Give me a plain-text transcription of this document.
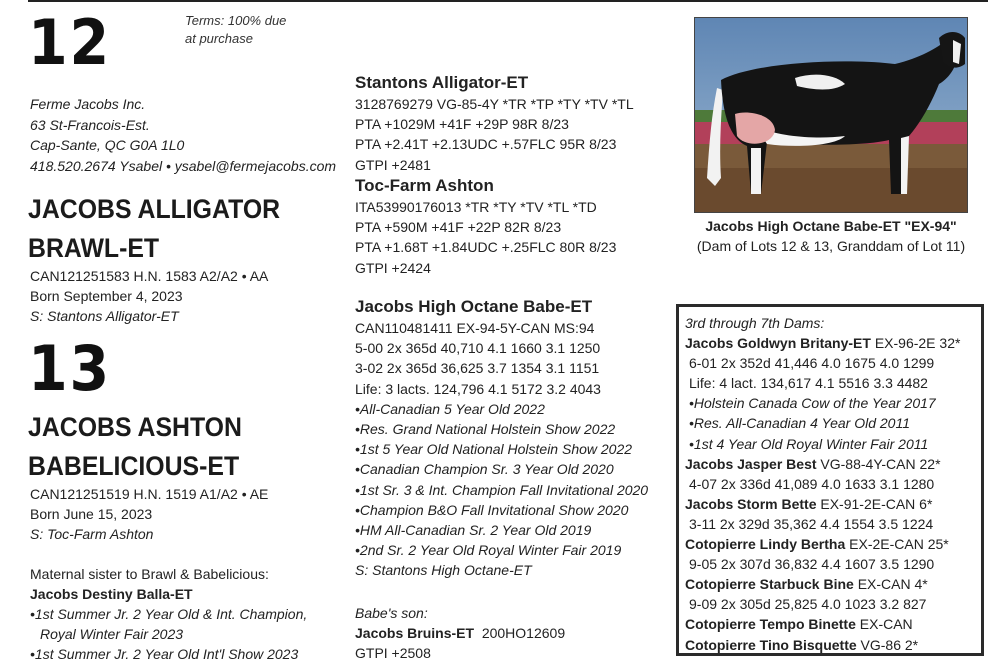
12	Terms: 100% due
at purchase
Ferme Jacobs Inc.
63 St-Francois-Est.
Cap-Sante, QC G0A 1L0
418.520.2674 Ysabel • ysabel@fermejacobs.com
JACOBS ALLIGATOR
BRAWL-ET
CAN121251583 H.N. 1583 A2/A2 • AA
Born September 4, 2023
S: Stantons Alligator-ET
13
JACOBS ASHTON
BABELICIOUS-ET
CAN121251519 H.N. 1519 A1/A2 • AE
Born June 15, 2023
S: Toc-Farm Ashton
Maternal sister to Brawl & Babelicious:
Jacobs Destiny Balla-ET
•1st Summer Jr. 2 Year Old & Int. Champion,
Royal Winter Fair 2023
•1st Summer Jr. 2 Year Old Int'l Show 2023
Stantons Alligator-ET
3128769279 VG-85-4Y *TR *TP *TY *TV *TL
PTA +1029M +41F +29P 98R 8/23
PTA +2.41T +2.13UDC +.57FLC 95R 8/23
GTPI +2481
Toc-Farm Ashton
ITA53990176013 *TR *TY *TV *TL *TD
PTA +590M +41F +22P 82R 8/23
PTA +1.68T +1.84UDC +.25FLC 80R 8/23
GTPI +2424
Jacobs High Octane Babe-ET
CAN110481411 EX-94-5Y-CAN MS:94
5-00 2x 365d 40,710 4.1 1660 3.1 1250
3-02 2x 365d 36,625 3.7 1354 3.1 1151
Life: 3 lacts. 124,796 4.1 5172 3.2 4043
•All-Canadian 5 Year Old 2022
•Res. Grand National Holstein Show 2022
•1st 5 Year Old National Holstein Show 2022
•Canadian Champion Sr. 3 Year Old 2020
•1st Sr. 3 & Int. Champion Fall Invitational 2020
•Champion B&O Fall Invitational Show 2020
•HM All-Canadian Sr. 2 Year Old 2019
•2nd Sr. 2 Year Old Royal Winter Fair 2019
S: Stantons High Octane-ET
Babe's son:
Jacobs Bruins-ET 200HO12609
GTPI +2508
Jacobs High Octane Babe-ET "EX-94"
(Dam of Lots 12 & 13, Granddam of Lot 11)
3rd through 7th Dams:
Jacobs Goldwyn Britany-ET EX-96-2E 32*
6-01 2x 352d 41,446 4.0 1675 4.0 1299
Life: 4 lact. 134,617 4.1 5516 3.3 4482
•Holstein Canada Cow of the Year 2017
•Res. All-Canadian 4 Year Old 2011
•1st 4 Year Old Royal Winter Fair 2011
Jacobs Jasper Best VG-88-4Y-CAN 22*
4-07 2x 336d 41,089 4.0 1633 3.1 1280
Jacobs Storm Bette EX-91-2E-CAN 6*
3-11 2x 329d 35,362 4.4 1554 3.5 1224
Cotopierre Lindy Bertha EX-2E-CAN 25*
9-05 2x 307d 36,832 4.4 1607 3.5 1290
Cotopierre Starbuck Bine EX-CAN 4*
9-09 2x 305d 25,825 4.0 1023 3.2 827
Cotopierre Tempo Binette EX-CAN
Cotopierre Tino Bisquette VG-86 2*
